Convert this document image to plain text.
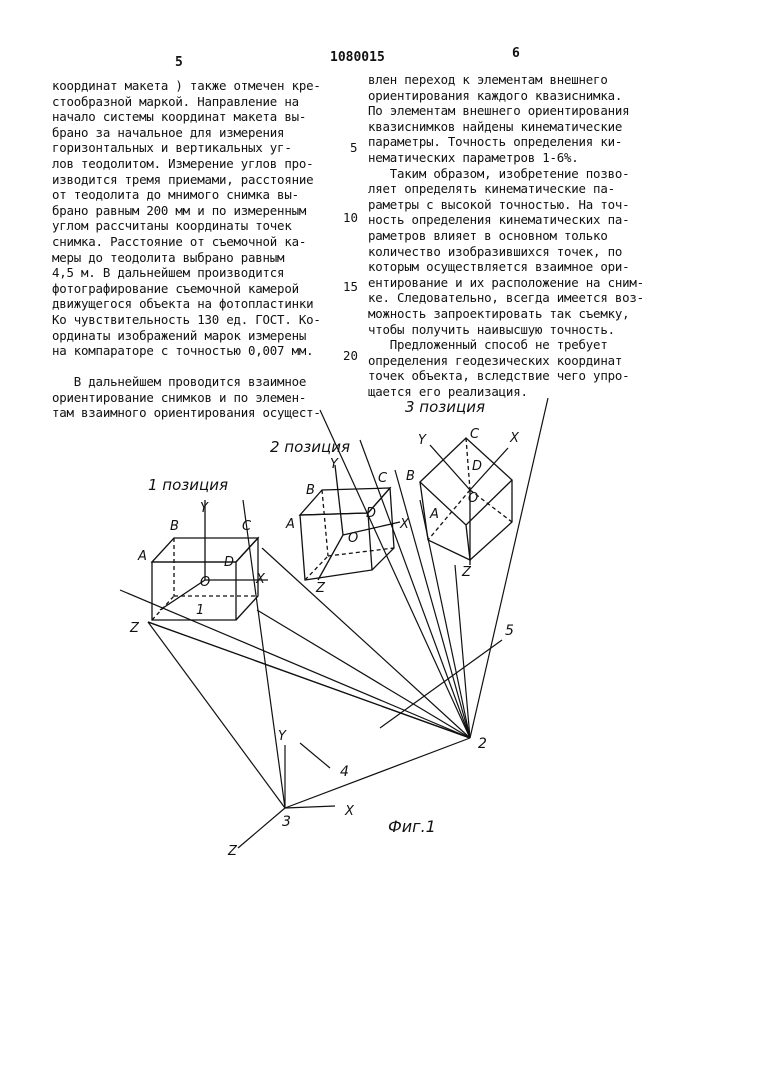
5	1080015	6
координат макета ) также отмечен кре-
стообразной маркой. Направление на
начало системы координат макета вы-
брано за начальное для измерения
горизонтальных и вертикальных уг-
лов теодолитом. Измерение углов про-
изводится тремя приемами, расстояние
от теодолита до мнимого снимка вы-
брано равным 200 мм и по измеренным
углом рассчитаны координаты точек
снимка. Расстояние от съемочной ка-
меры до теодолита выбрано равным
4,5 м. В дальнейшем производится
фотографирование съемочной камерой
движущегося объекта на фотопластинки
Ко чувствительность 130 ед. ГОСТ. Ко-
ординаты изображений марок измерены
на компараторе с точностью 0,007 мм.
В дальнейшем проводится взаимное
ориентирование снимков и по элемен-
там взаимного ориентирования осущест-
влен переход к элементам внешнего
ориентирования каждого квазиснимка.
По элементам внешнего ориентирования
квазиснимков найдены кинематические
параметры. Точность определения ки-
нематических параметров 1-6%.
Таким образом, изобретение позво-
ляет определять кинематические па-
раметры с высокой точностью. На точ-
ность определения кинематических па-
раметров влияет в основном только
количество изобразившихся точек, по
которым осуществляется взаимное ори-
ентирование и их расположение на сним-
ке. Следовательно, всегда имеется воз-
можность запроектировать так съемку,
чтобы получить наивысшую точность.
Предложенный способ не требует
определения геодезических координат
точек объекта, вследствие чего упро-
щается его реализация.
5
10
15
20
1 позиция
2 позиция
3 позиция
A
B
Y
C
D
O	X
1
Z
Y
B
C
A
D
X
O
Z
Y	C X
D
B
O
A
Z
2
3
4
5
Y
X
Z
Фиг.1
